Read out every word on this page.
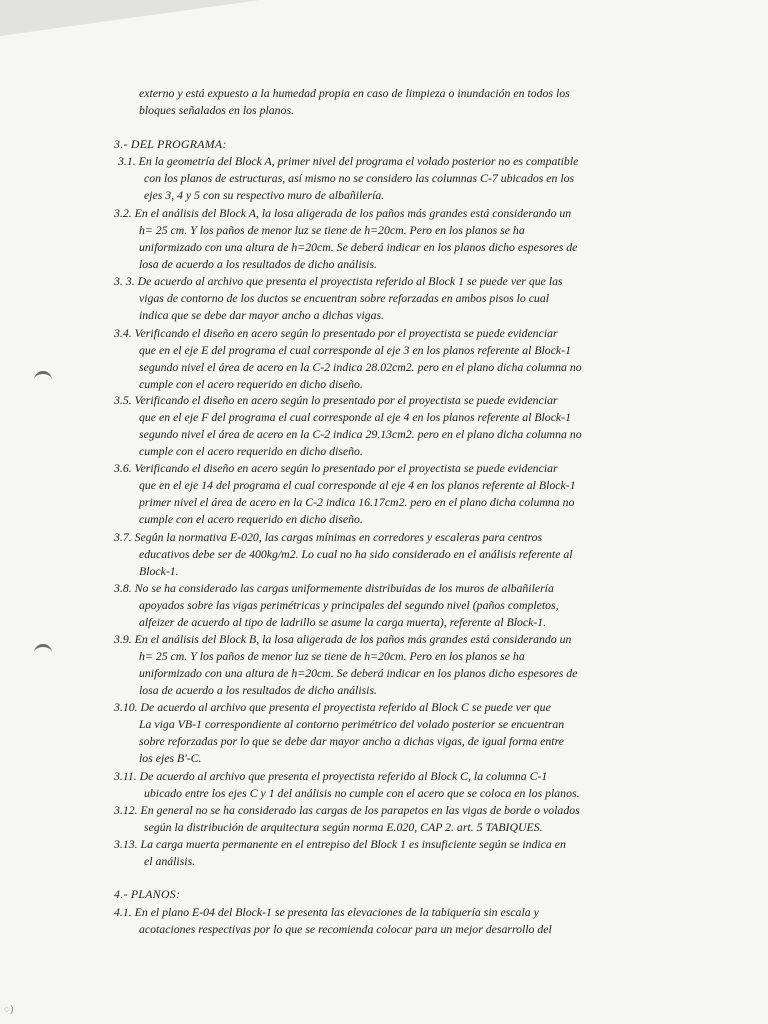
externo y está expuesto a la humedad propia en caso de limpieza o inundación en todos los
bloques señalados en los planos.
3.- DEL PROGRAMA:
3.1. En la geometría del Block A, primer nivel del programa el volado posterior no es compatible
con los planos de estructuras, así mismo no se considero las columnas C-7 ubicados en los
ejes 3, 4 y 5 con su respectivo muro de albañilería.
3.2. En el análisis del Block A, la losa aligerada de los paños más grandes está considerando un
h= 25 cm. Y los paños de menor luz se tiene de h=20cm. Pero en los planos se ha
uniformizado con una altura de h=20cm. Se deberá indicar en los planos dicho espesores de
losa de acuerdo a los resultados de dicho análisis.
3. 3. De acuerdo al archivo que presenta el proyectista referido al Block 1 se puede ver que las
vigas de contorno de los ductos se encuentran sobre reforzadas en ambos pisos lo cual
indica que se debe dar mayor ancho a dichas vigas.
3.4. Verificando el diseño en acero según lo presentado por el proyectista se puede evidenciar
que en el eje E del programa el cual corresponde al eje 3 en los planos referente al Block-1
segundo nivel el área de acero en la C-2 indica 28.02cm2. pero en el plano dicha columna no
cumple con el acero requerido en dicho diseño.
3.5. Verificando el diseño en acero según lo presentado por el proyectista se puede evidenciar
que en el eje F del programa el cual corresponde al eje 4 en los planos referente al Block-1
segundo nivel el área de acero en la C-2 indica 29.13cm2. pero en el plano dicha columna no
cumple con el acero requerido en dicho diseño.
3.6. Verificando el diseño en acero según lo presentado por el proyectista se puede evidenciar
que en el eje 14 del programa el cual corresponde al eje 4 en los planos referente al Block-1
primer nivel el área de acero en la C-2 indica 16.17cm2. pero en el plano dicha columna no
cumple con el acero requerido en dicho diseño.
3.7. Según la normativa E-020, las cargas mínimas en corredores y escaleras para centros
educativos debe ser de 400kg/m2. Lo cual no ha sido considerado en el análisis referente al
Block-1.
3.8. No se ha considerado las cargas uniformemente distribuidas de los muros de albañilería
apoyados sobre las vigas perimétricas y principales del segundo nivel (paños completos,
alfeizer de acuerdo al tipo de ladrillo se asume la carga muerta), referente al Block-1.
3.9. En el análisis del Block B, la losa aligerada de los paños más grandes está considerando un
h= 25 cm. Y los paños de menor luz se tiene de h=20cm. Pero en los planos se ha
uniformizado con una altura de h=20cm. Se deberá indicar en los planos dicho espesores de
losa de acuerdo a los resultados de dicho análisis.
3.10. De acuerdo al archivo que presenta el proyectista referido al Block C se puede ver que
La viga VB-1 correspondiente al contorno perimétrico del volado posterior se encuentran
sobre reforzadas por lo que se debe dar mayor ancho a dichas vigas, de igual forma entre
los ejes B'-C.
3.11. De acuerdo al archivo que presenta el proyectista referido al Block C, la columna C-1
ubicado entre los ejes C y 1 del análisis no cumple con el acero que se coloca en los planos.
3.12. En general no se ha considerado las cargas de los parapetos en las vigas de borde o volados
según la distribución de arquitectura según norma E.020, CAP 2. art. 5 TABIQUES.
3.13. La carga muerta permanente en el entrepiso del Block 1 es insuficiente según se indica en
el análisis.
4.- PLANOS:
4.1. En el plano E-04 del Block-1 se presenta las elevaciones de la tabiquería sin escala y
acotaciones respectivas por lo que se recomienda colocar para un mejor desarrollo del
◌)
